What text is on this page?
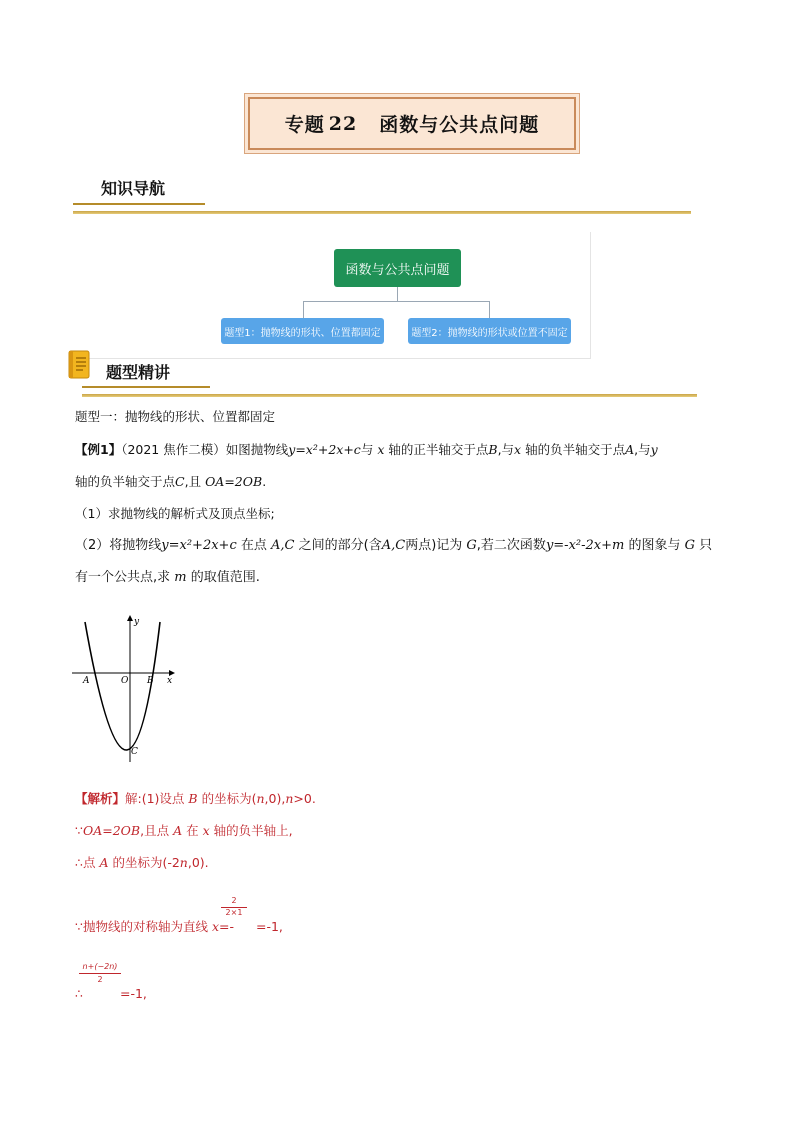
专题 22 函数与公共点问题
知识导航
函数与公共点问题
题型1：抛物线的形状、位置都固定	题型2：抛物线的形状或位置不固定
题型精讲
题型一：抛物线的形状、位置都固定
【例1】（2021 焦作二模）如图抛物线y=x²+2x+c与 x 轴的正半轴交于点B,与x 轴的负半轴交于点A,与y
轴的负半轴交于点C,且 OA=2OB.
（1）求抛物线的解析式及顶点坐标;
（2）将抛物线y=x²+2x+c 在点 A,C 之间的部分(含A,C两点)记为 G,若二次函数y=-x²-2x+m 的图象与 G 只
有一个公共点,求 m 的取值范围.
y
x
A	O B
C
【解析】解:(1)设点 B 的坐标为(n,0),n>0.
∵OA=2OB,且点 A 在 x 轴的负半轴上,
∴点 A 的坐标为(-2n,0).
2
2×1
∵抛物线的对称轴为直线 x=- =-1,
n+(−2n)
2
∴	=-1,
